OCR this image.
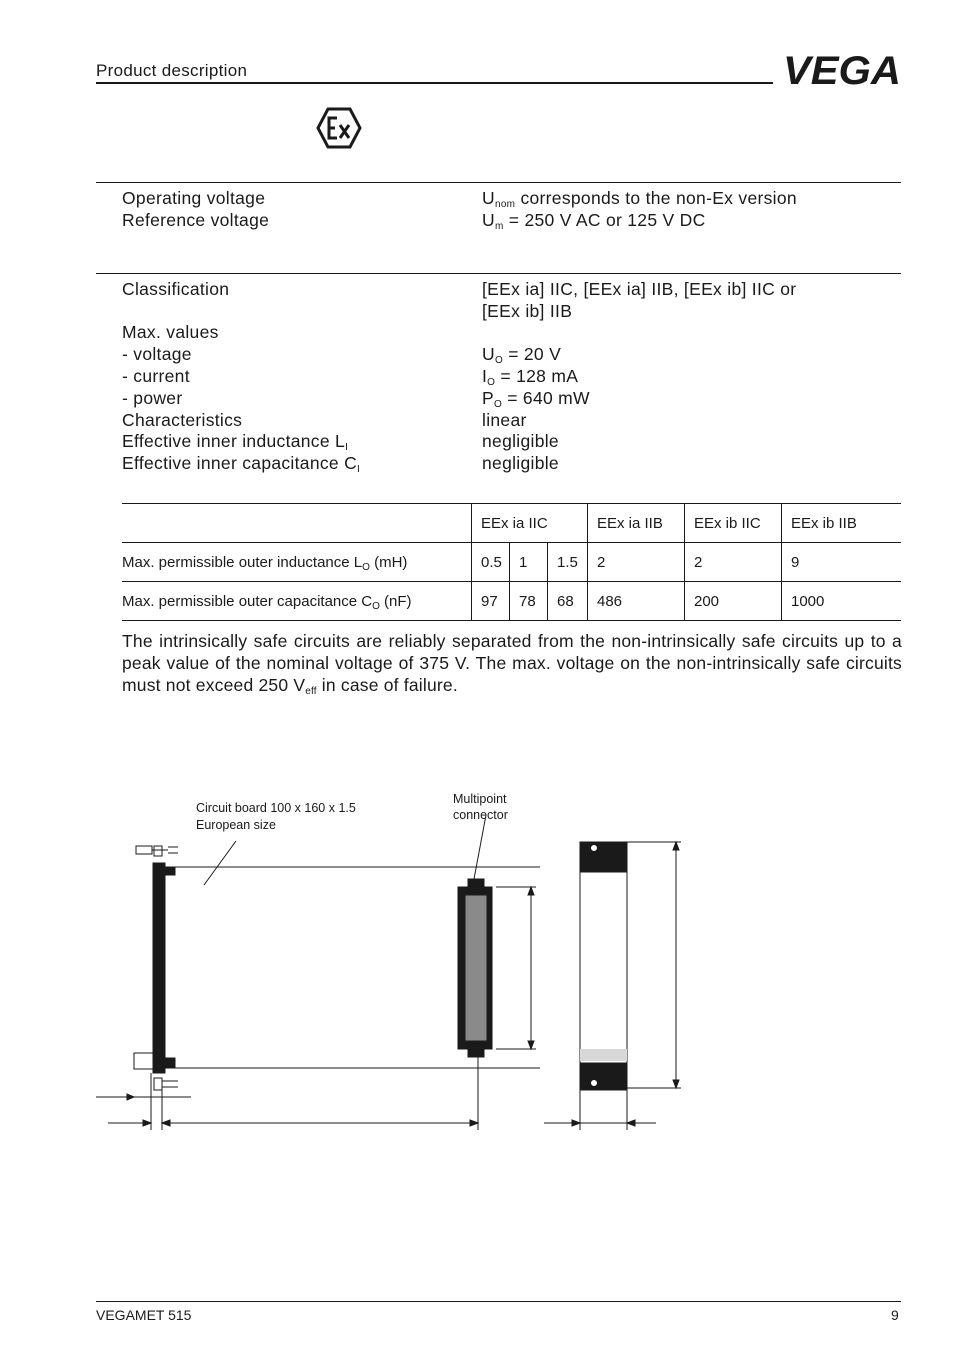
Product description	VEGA
Operating voltage	$U_{nom}$ corresponds to the non-Ex version
Reference voltage	$U_m = 250$ V AC or 125 V DC
Classification	[EEx ia] IIC, [EEx ia] IIB, [EEx ib] IIC or
[EEx ib] IIB
Max. values
- voltage	$U_O = 20$ V
- current	$I_O = 128$ mA
- power	$P_O = 640$ mW
Characteristics	linear
Effective inner inductance $L_I$	negligible
Effective inner capacitance $C_I$	negligible
	EEx ia IIC			EEx ia IIB	EEx ib IIC	EEx ib IIB
Max. permissible outer inductance $L_O$ (mH)	0.5	1	1.5	2	2	9
Max. permissible outer capacitance $C_O$ (nF)	97	78	68	486	200	1000
The intrinsically safe circuits are reliably separated from the non-intrinsically safe circuits up to a peak value of the nominal voltage of 375 V. The max. voltage on the non-intrinsically safe circuits must not exceed 250 $V_{eff}$ in case of failure.
Circuit board 100 x 160 x 1.5
European size
Multipoint
connector
VEGAMET 515	9
